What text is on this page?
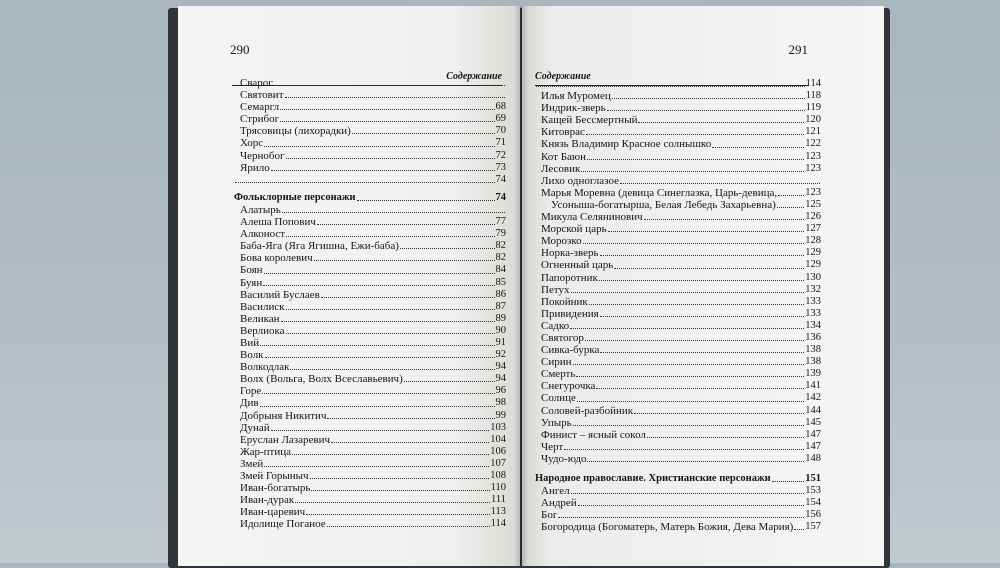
290
Содержание
Сварог
Святовит
Семаргл	68
Стрибог	69
Трясовицы (лихорадки)	70
Хорс	71
Чернобог	72
Ярило	73
74
Фольклорные персонажи	74
Алатырь
Алеша Попович	77
Алконост	79
Баба-Яга (Яга Ягишна, Ежи-баба)	82
Бова королевич	82
Боян	84
Буян	85
Василий Буслаев	86
Василиск	87
Великан	89
Верлиока	90
Вий	91
Волк	92
Волкодлак	94
Волх (Вольга, Волх Всеславьевич)	94
Горе	96
Див	98
Добрыня Никитич	99
Дунай	103
Еруслан Лазаревич	104
Жар-птица	106
Змей	107
Змей Горыныч	108
Иван-богатырь	110
Иван-дурак	111
Иван-царевич	113
Идолище Поганое	114
291
Содержание
114
Илья Муромец	118
Индрик-зверь	119
Кащей Бессмертный	120
Китоврас	121
Князь Владимир Красное солнышко	122
Кот Баюн	123
Лесовик	123
Лихо одноглазое
Марья Моревна (девица Синеглазка, Царь-девица,	123
Усоныша-богатырша, Белая Лебедь Захарьевна)	125
Микула Селянинович	126
Морской царь	127
Морозко	128
Норка-зверь	129
Огненный царь	129
Папоротник	130
Петух	132
Покойник	133
Привидения	133
Садко	134
Святогор	136
Сивка-бурка	138
Сирин	138
Смерть	139
Снегурочка	141
Солнце	142
Соловей-разбойник	144
Упырь	145
Финист – ясный сокол	147
Черт	147
Чудо-юдо	148
Народное православие. Христианские персонажи	151
Ангел	153
Андрей	154
Бог	156
Богородица (Богоматерь, Матерь Божия, Дева Мария) 157
